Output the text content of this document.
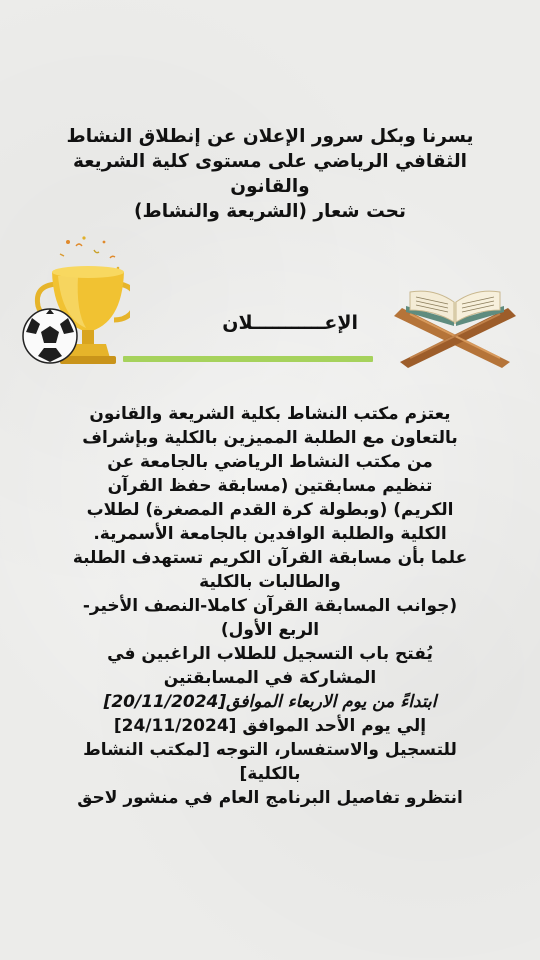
يسرنا وبكل سرور الإعلان عن إنطلاق النشاط
الثقافي الرياضي على مستوى كلية الشريعة
والقانون
تحت شعار (الشريعة والنشاط)
الإعـــــــــــلان
يعتزم مكتب النشاط بكلية الشريعة والقانون
بالتعاون مع الطلبة المميزين بالكلية وبإشراف
من مكتب النشاط الرياضي بالجامعة عن
تنظيم مسابقتين (مسابقة حفظ القرآن
الكريم) (وبطولة كرة القدم المصغرة) لطلاب
الكلية والطلبة الوافدين بالجامعة الأسمرية.
علما بأن مسابقة القرآن الكريم تستهدف الطلبة
والطالبات بالكلية
(جوانب المسابقة القرآن كاملا-النصف الأخير-
الربع الأول)
يُفتح باب التسجيل للطلاب الراغبين في
المشاركة في المسابقتين
ابتداءً من يوم الاربعاء الموافق[20/11/2024]
إلي يوم الأحد الموافق [24/11/2024]
للتسجيل والاستفسار، التوجه [لمكتب النشاط
بالكلية]
انتظرو تفاصيل البرنامج العام في منشور لاحق
